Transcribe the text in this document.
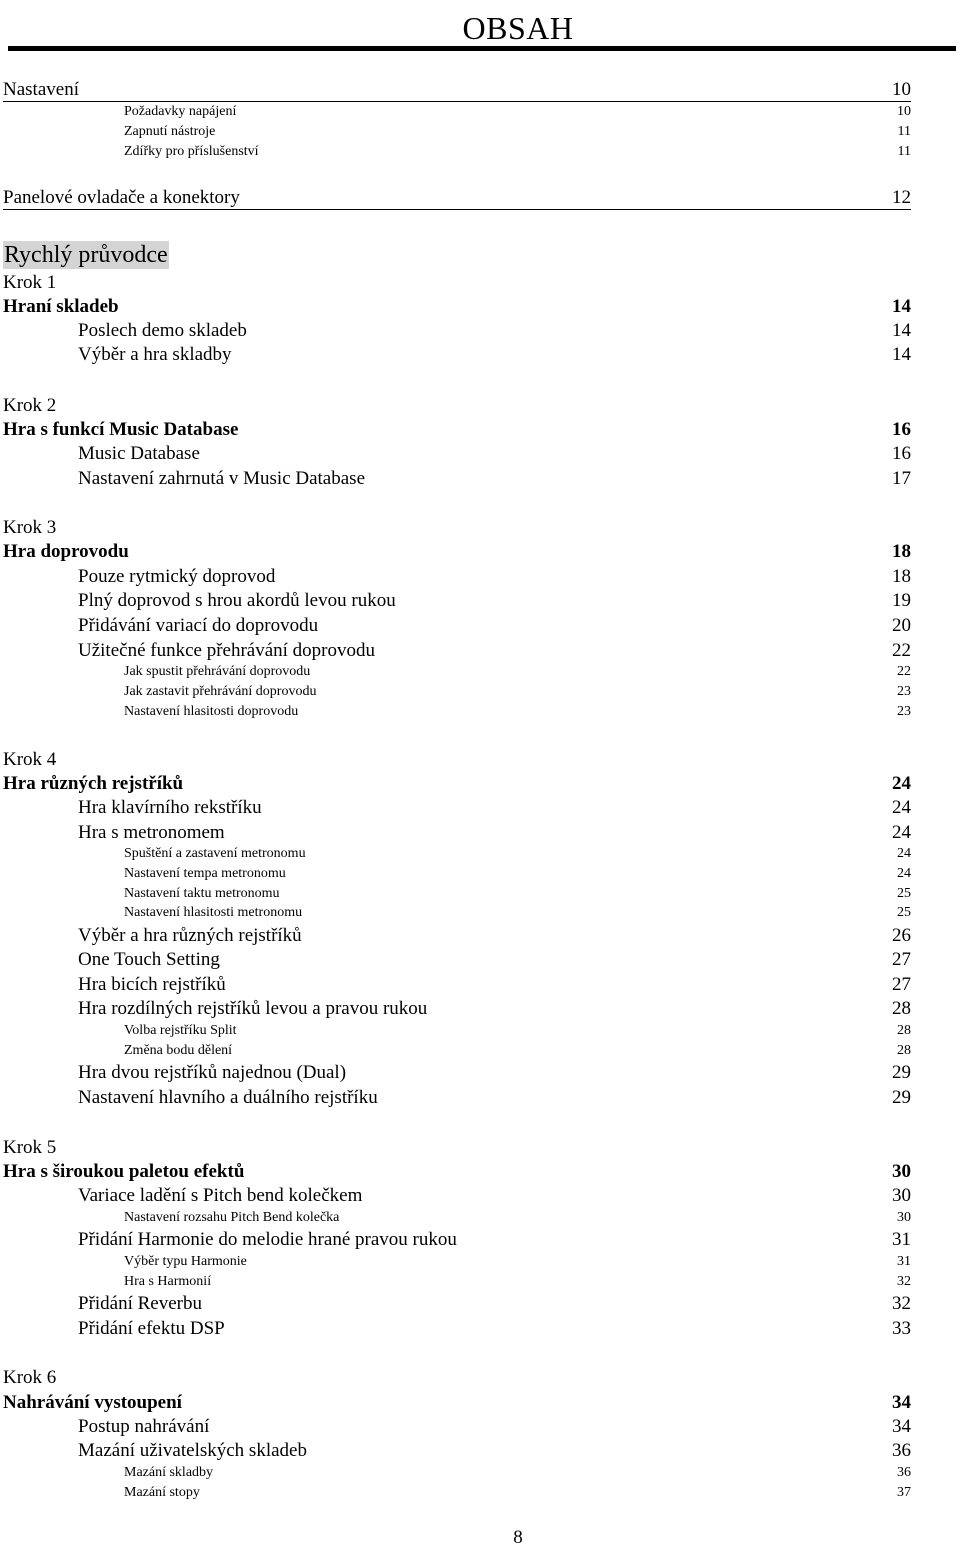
OBSAH
Nastavení	10
Požadavky napájení	10
Zapnutí nástroje	11
Zdířky pro příslušenství	11
Panelové ovladače a konektory	12
Rychlý průvodce
Krok 1
Hraní skladeb	14
Poslech demo skladeb	14
Výběr a hra skladby	14
Krok 2
Hra s funkcí Music Database	16
Music Database	16
Nastavení zahrnutá v Music Database	17
Krok 3
Hra doprovodu	18
Pouze rytmický doprovod	18
Plný doprovod s hrou akordů levou rukou	19
Přidávání variací do doprovodu	20
Užitečné funkce přehrávání doprovodu	22
Jak spustit přehrávání doprovodu	22
Jak zastavit přehrávání doprovodu	23
Nastavení hlasitosti doprovodu	23
Krok 4
Hra různých rejstříků	24
Hra klavírního rekstříku	24
Hra s metronomem	24
Spuštění a zastavení metronomu	24
Nastavení tempa metronomu	24
Nastavení taktu metronomu	25
Nastavení hlasitosti metronomu	25
Výběr a hra různých rejstříků	26
One Touch Setting	27
Hra bicích rejstříků	27
Hra rozdílných rejstříků levou a pravou rukou	28
Volba rejstříku Split	28
Změna bodu dělení	28
Hra dvou rejstříků najednou (Dual)	29
Nastavení hlavního a duálního rejstříku	29
Krok 5
Hra s široukou paletou efektů	30
Variace ladění s Pitch bend kolečkem	30
Nastavení rozsahu Pitch Bend kolečka	30
Přidání Harmonie do melodie hrané pravou rukou	31
Výběr typu Harmonie	31
Hra s Harmonií	32
Přidání Reverbu	32
Přidání efektu DSP	33
Krok 6
Nahrávání vystoupení	34
Postup nahrávání	34
Mazání uživatelských skladeb	36
Mazání skladby	36
Mazání stopy	37
8
